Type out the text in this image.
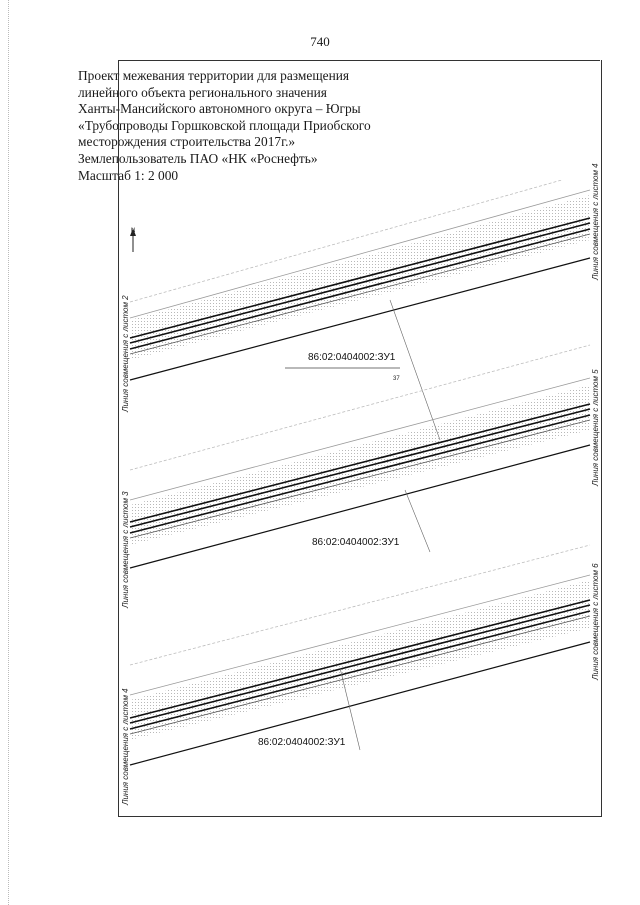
740
Проект межевания территории для размещения
линейного объекта регионального значения
Ханты-Мансийского автономного округа – Югры
«Трубопроводы Горшковской площади Приобского
месторождения строительства 2017г.»
Землепользователь ПАО «НК «Роснефть»
Масштаб 1: 2 000
N
86:02:0404002:ЗУ1
37
86:02:0404002:ЗУ1
86:02:0404002:ЗУ1
Линия совмещения с листом 2
Линия совмещения с листом 3
Линия совмещения с листом 4
Линия совмещения с листом 4
Линия совмещения с листом 5
Линия совмещения с листом 6
